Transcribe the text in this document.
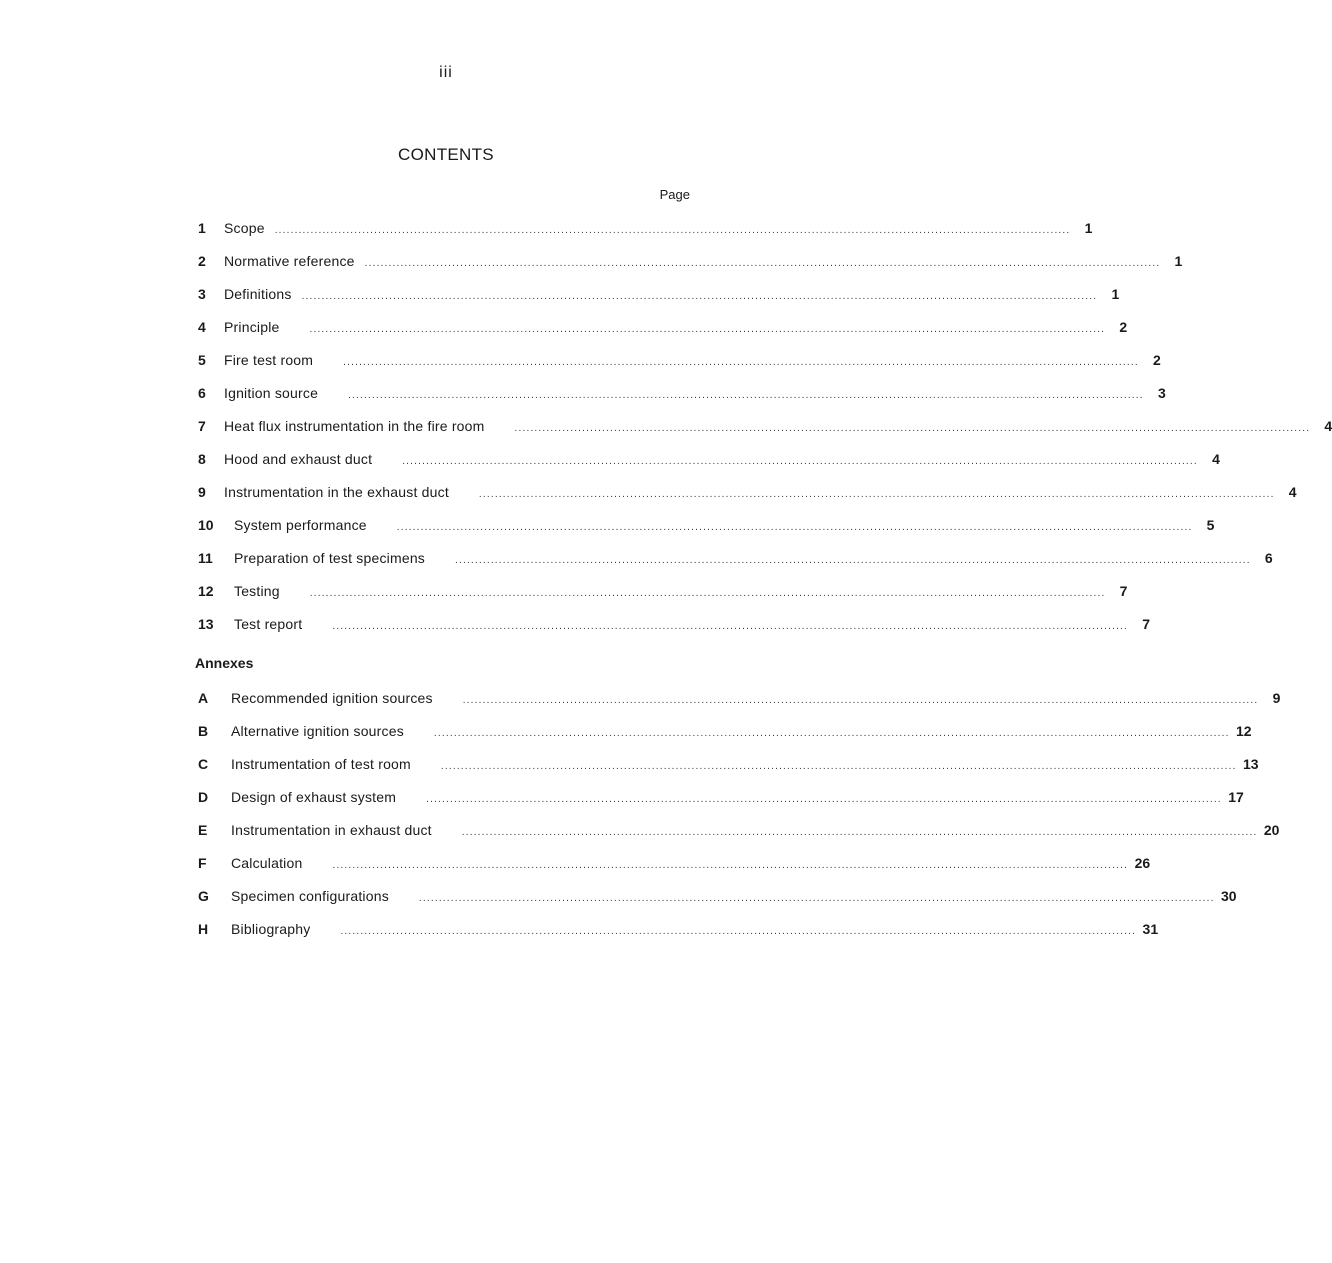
iii
CONTENTS
Page
1	Scope ........................................................................................................................................................................................................	1
2	Normative reference ........................................................................................................................................................................................................	1
3	Definitions ........................................................................................................................................................................................................	1
4	Principle	........................................................................................................................................................................................................	2
5	Fire test room	........................................................................................................................................................................................................	2
6	Ignition source	........................................................................................................................................................................................................	3
7	Heat flux instrumentation in the fire room	........................................................................................................................................................................................................	4
8	Hood and exhaust duct	........................................................................................................................................................................................................	4
9	Instrumentation in the exhaust duct	........................................................................................................................................................................................................	4
10	System performance	........................................................................................................................................................................................................	5
11	Preparation of test specimens	........................................................................................................................................................................................................	6
12	Testing	........................................................................................................................................................................................................	7
13	Test report	........................................................................................................................................................................................................	7
Annexes
A	Recommended ignition sources	........................................................................................................................................................................................................	9
B	Alternative ignition sources	........................................................................................................................................................................................................ 12
C	Instrumentation of test room	........................................................................................................................................................................................................ 13
D	Design of exhaust system	........................................................................................................................................................................................................ 17
E	Instrumentation in exhaust duct	........................................................................................................................................................................................................ 20
F	Calculation	........................................................................................................................................................................................................ 26
G	Specimen configurations	........................................................................................................................................................................................................ 30
H	Bibliography	........................................................................................................................................................................................................ 31
